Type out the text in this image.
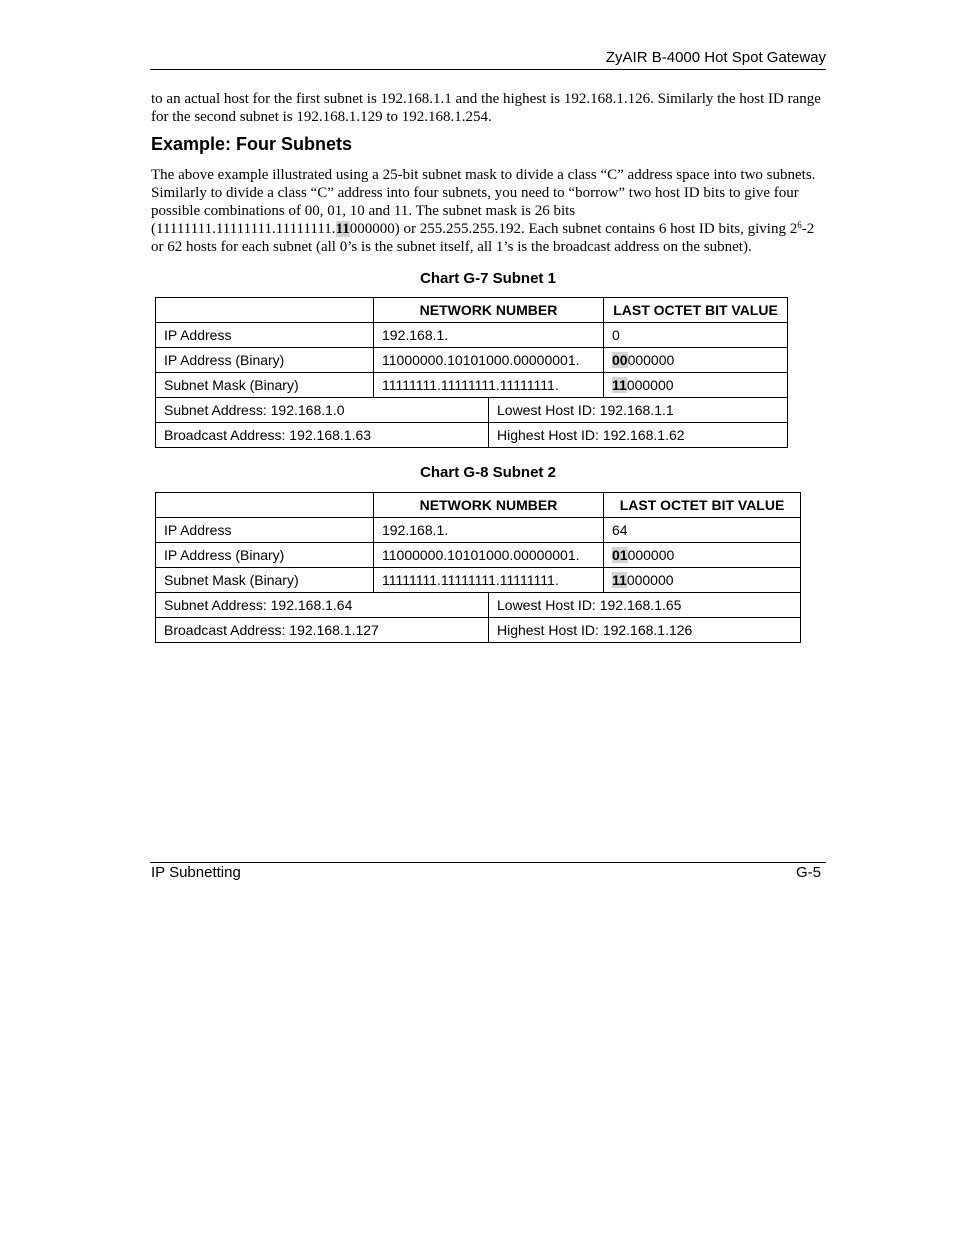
ZyAIR B-4000 Hot Spot Gateway

to an actual host for the first subnet is 192.168.1.1 and the highest is 192.168.1.126. Similarly the host ID range for the second subnet is 192.168.1.129 to 192.168.1.254.

Example: Four Subnets

The above example illustrated using a 25-bit subnet mask to divide a class “C” address space into two subnets. Similarly to divide a class “C” address into four subnets, you need to “borrow” two host ID bits to give four possible combinations of 00, 01, 10 and 11. The subnet mask is 26 bits (11111111.11111111.11111111.11000000) or 255.255.255.192. Each subnet contains 6 host ID bits, giving $2^6-2$ or 62 hosts for each subnet (all 0’s is the subnet itself, all 1’s is the broadcast address on the subnet).

Chart G-7 Subnet 1
	NETWORK NUMBER		LAST OCTET BIT VALUE
IP Address	192.168.1.		0
IP Address (Binary)	11000000.10101000.00000001.		00000000
Subnet Mask (Binary)	11111111.11111111.11111111.		11000000
Subnet Address: 192.168.1.0		Lowest Host ID: 192.168.1.1	
Broadcast Address: 192.168.1.63		Highest Host ID: 192.168.1.62	
Chart G-8 Subnet 2
	NETWORK NUMBER		LAST OCTET BIT VALUE
IP Address	192.168.1.		64
IP Address (Binary)	11000000.10101000.00000001.		01000000
Subnet Mask (Binary)	11111111.11111111.11111111.		11000000
Subnet Address: 192.168.1.64		Lowest Host ID: 192.168.1.65	
Broadcast Address: 192.168.1.127		Highest Host ID: 192.168.1.126	
IP Subnetting	G-5
